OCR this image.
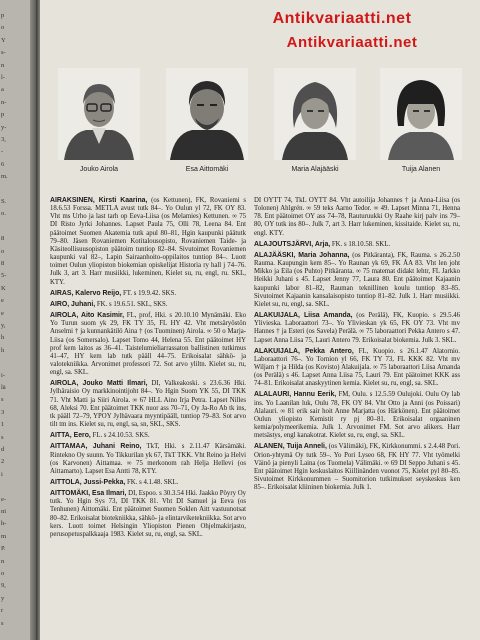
p
o
Y
s-
n
l-
a
n-
p
y-
3,
-
6
m.
S.
o.
8
o
8
5-
K
e
e
y,
h
h
i-
lä
s
3
1
s
d
2
i
e-
ni
h-
m
P.
n
o
9,
y
r
s
Antikvariaatti.net
Antikvariaatti.net
Jouko Airola	Esa Aittomäki	Maria Alajääski	Tuija Alanen

AIRAKSINEN, Kirsti Kaarina, (os Kettunen), FK, Rovaniemi s 18.6.53 Forssa. METLA avust tutk 84–. Yo Oulun yl 72, FK OY 83. Vht ms Urho ja last tarh op Eeva-Liisa (os Melamies) Kettunen. ∞ 75 DI Risto Jyrki Johannes. Lapset Paula 75, Olli 78, Leena 84. Ent päätoimet Suomen Akatemia tutk apul 80–81, Hgin kaupunki päätutk 79–80. Jäsen Rovaniemen Kotitalousopisto, Rovaniemen Taide- ja Käsiteollisuusopiston päätoim tuntiop 82–84. Sivutoimet Rovaniemen kaupunki val 82–, Lapin Sairaanhoito-oppilaitos tuntiop 84–. Luott toimet Oulun yliopiston biokemian opiskelijat Historia ry hall j 74–76. Julk 3, art 3. Harr musiikki, lukeminen, Kielet su, ru, engl, ru. SKL, KTY.

AIRAS, Kalervo Reijo, FT. s 19.9.42. SKS.

AIRO, Juhani, FK. s 19.6.51. SKL, SKS.

AIROLA, Aito Kasimir, FL, prof, Hki. s 20.10.10 Mynämäki. Eko Yo Turun suom yk 29, FK TY 35, FL HY 42. Vht metsäryöstön Anselmi † ja kunnankätilö Aina † (os Tuominen) Airola. ∞ 50 o Marja-Liisa (os Somersalo). Lapset Tomo 44, Helena 55. Ent päätoimet HY prof kem laitos as 36–41. Taistelumieliarrassaton ballistinen tutkimus 41–47, HY kem lab tutk pääll 44–75. Erikoisalat sähkö- ja valotekniikka. Arvonimet professori 72. Sot arvo yliltn. Kielet su, ru, engl, sa. SKL.

AIROLA, Jouko Matti Ilmari, DI, Valkeakoski. s 23.6.36 Hki. Jylhäraisio Oy markkinointijoht 84–. Yo Hgin Suom YK 55, DI TKK 71. Vht Matti ja Siiri Airola. ∞ 67 HLL Aino Irja Petra. Lapset Nilles 68, Aleksi 70. Ent päätoimet TKK nuor ass 70–71, Oy Ja-Ro Ab tk ins, tk pääll 72–79, YPOY Jylhävaara myyntipääll, tuntiop 79–83. Sot arvo tilt tm ins. Kielet su, ru, engl, sa, sn, SKL, SKS.

AITTA, Eero, FL. s 24.10.53. SKS.

AITTAMAA, Juhani Reino, TkT, Hki. s 2.11.47 Kärsämäki. Rintekno Oy suunn. Yo Tikkurilan yk 67, TkT TKK. Vht Reino ja Helvi (os Karvonen) Aittamaa. ∞ 75 merkonom rah Helja Hellevi (os Aittamarto). Lapset Esa Antti 78, KTY.

AITTOLA, Jussi-Pekka, FK. s 4.1.48. SKL.

AITTOMÄKI, Esa Ilmari, DI, Espoo. s 30.3.54 Hki. Jaakko Pöyry Oy tutk. Yo Hgin Sys 73, DI TKK 81. Vht DI Samuel ja Eeva (os Tenhunen) Aittomäki. Ent päätoimet Suomen Soklen Aitt vastuunotsat 80–82. Erikoisalat biotekniikka, sähkö- ja elintarviketekniikka. Sot arvo kers. Luott toimet Helsingin Yliopiston Pienen Ohjelmakirjasto, perusopetuspalkkaaja 1983. Kielet su, ru, engl, sa. SKL.

DI OYTT 74, TkL OYTT 84. Vht autoilija Johannes † ja Anna-Liisa (os Tolonen) Ahlgrén. ∞ 59 teks Aarno Tedor. ∞ 49. Lapset Minna 71, Henna 78. Ent päätoimet OY ass 74–78, Rauturuukki Oy Raahe kirj palv ins 79–80, OY tutk ins 80–. Julk 7, art 3. Harr lukeminen, kissitaide. Kielet su, ru, engl. KTY.

ALAJOUTSJÄRVI, Arja, FK. s 18.10.58. SKL.

ALAJÄÄSKI, Maria Johanna, (os Pitkäranta), FK, Rauma. s 26.2.50 Rauma. Kaupungin kem 85–. Yo Raunan yk 69, FK ÅA 83. Vht len joht Mikko ja Eila (os Puhto) Pitkäranta. ∞ 75 matemat didakt lehtr, FL Jarkko Heikki Juhani s 45. Lapset Jenny 77, Laura 80. Ent päätoimet Kajaanin kaupunki labor 81–82, Rauman teknillinen koulu tuntiop 83–85. Sivutoimet Kajaanin kansalaisopisto tuntiop 81–82. Julk 1. Harr musiikki. Kielet su, ru, engl, sa. SKL.

ALAKUIJALA, Liisa Amanda, (os Perälä), FK, Kuopio. s 29.5.46 Ylivieska. Laboraattori 73–. Yo Ylivieskan yk 65, FK OY 73. Vht mv Hannes † ja Esteri (os Savela) Perälä. ∞ 75 laboraattori Pekka Antero s 47. Lapset Anna Liisa 75, Lauri Antero 79. Erikoisalat biokemia. Julk 3. SKL.

ALAKUIJALA, Pekka Antero, FL, Kuopio. s 26.1.47 Alatornio. Laboraattori 76–. Yo Tornion yl 66, FK TY 73, FL KKK 82. Vht mv Wiljam † ja Hilda (os Kovisto) Alakuijala. ∞ 75 laboraattori Liisa Amanda (os Perälä) s 46. Lapset Anna Liisa 75, Lauri 79. Ent päätoimet KKK ass 74–81. Erikoisalat anaskyytinen kemia. Kielet su, ru, engl, sa. SKL.

ALALAURI, Hannu Eerik, FM, Oulu. s 12.5.59 Oulujoki. Oulu Oy lab ins. Yo Laanilan luk, Oulu 78, FK OY 84. Vht Otto ja Anni (os Poissari) Alalauri. ∞ 81 erik sair hoit Anne Marjatta (os Härkönen). Ent päätoimet Oulun yliopisto Kemistit ry pj 80–81. Erikoisalat orgaaninen kemia/polymeerikemia. Julk 1. Arvonimet FM. Sot arvo alikers. Harr metsästys, engl kanakotrat. Kielet su, ru, engl, sa. SKL.

ALANEN, Tuija Anneli, (os Välimäki), FK, Kirkkonummi. s 2.4.48 Pori. Orion-yhtymä Oy tutk 59–. Yo Pori Lyseo 68, FK HY 77. Vht työmelki Väinö ja pienyli Laina (os Tuomela) Välimäki. ∞ 69 DI Seppo Juhani s 45. Ent päätoimet Hgin keskuslaitos Kiillinänden vuonot 75, Kielet pyl 80–85. Sivutoimet Kirkkonummen – Suomitorion tutkimukset seyskeskus ken 85–. Erikoisalat kliininen biokemia. Julk 1.
